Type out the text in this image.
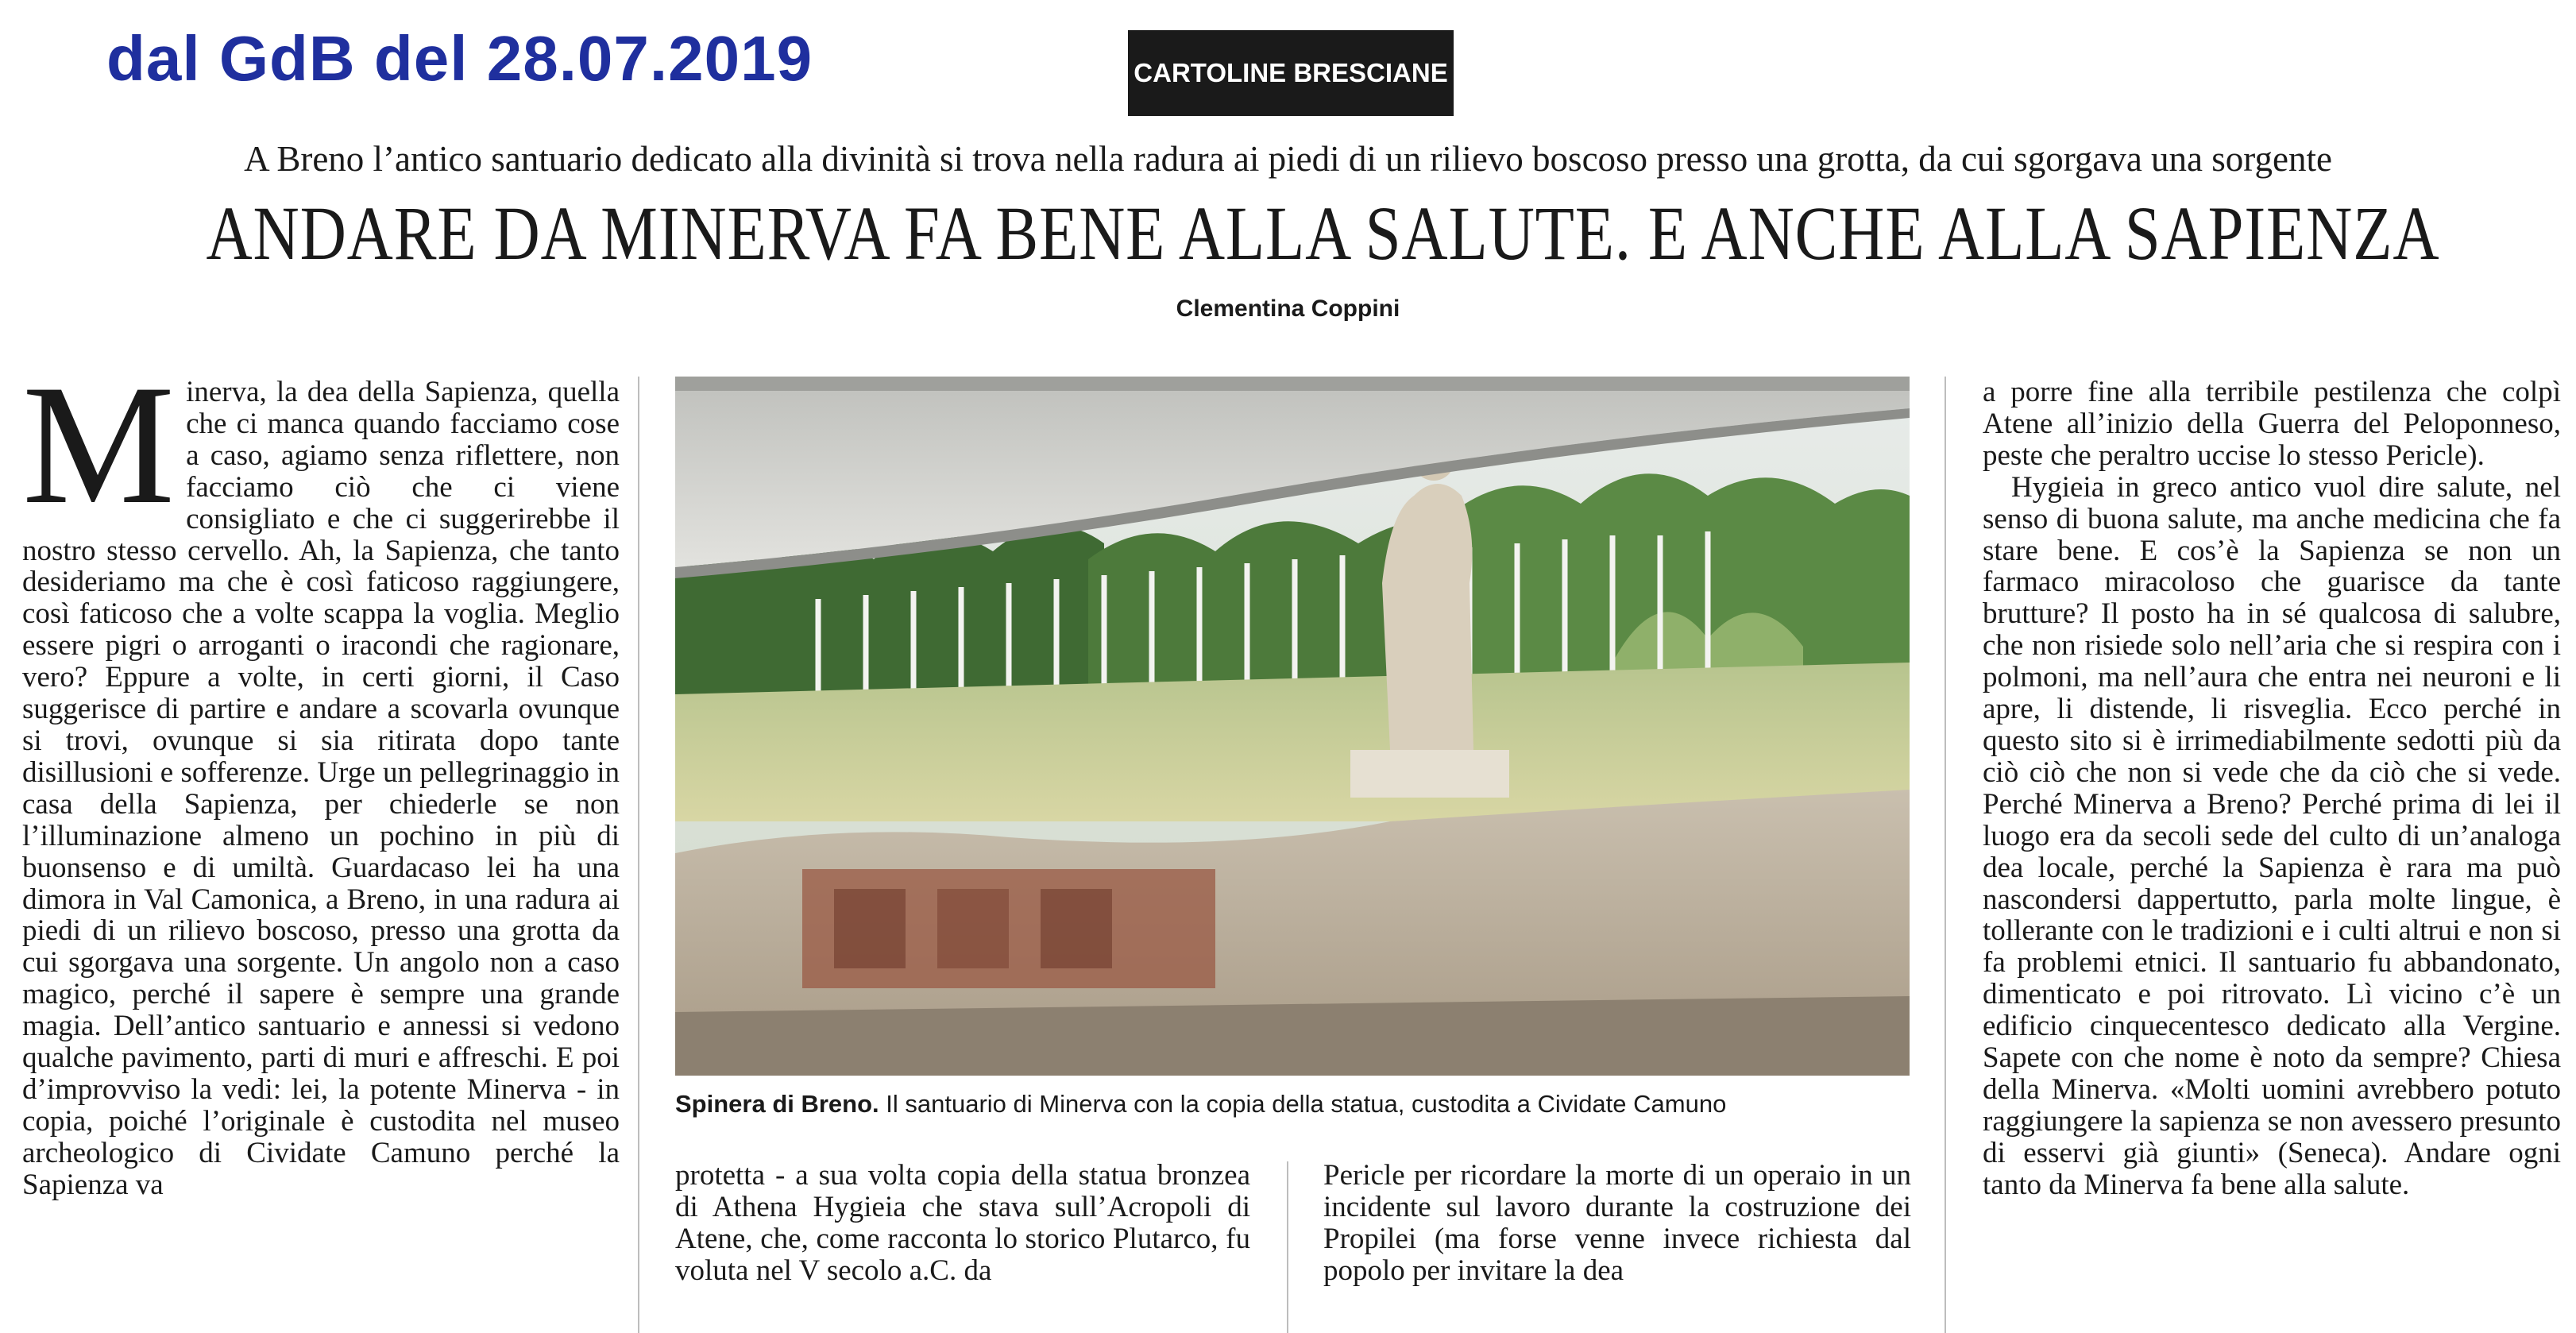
dal GdB del 28.07.2019	CARTOLINE BRESCIANE
A Breno l’antico santuario dedicato alla divinità si trova nella radura ai piedi di un rilievo boscoso presso una grotta, da cui sgorgava una sorgente
ANDARE DA MINERVA FA BENE ALLA SALUTE. E ANCHE ALLA SAPIENZA
Clementina Coppini
M inerva, la dea della Sapienza, quella che ci manca quando facciamo cose a caso, agiamo senza riflettere, non facciamo ciò che ci viene consigliato e che ci suggerirebbe il nostro stesso cervello. Ah, la Sapienza, che tanto desideriamo ma che è così faticoso raggiungere, così faticoso che a volte scappa la voglia. Meglio essere pigri o arroganti o iracondi che ragionare, vero? Eppure a volte, in certi giorni, il Caso suggerisce di partire e andare a scovarla ovunque si trovi, ovunque si sia ritirata dopo tante disillusioni e sofferenze. Urge un pellegrinaggio in casa della Sapienza, per chiederle se non l’illuminazione almeno un pochino in più di buonsenso e di umiltà. Guardacaso lei ha una dimora in Val Camonica, a Breno, in una radura ai piedi di un rilievo boscoso, presso una grotta da cui sgorgava una sorgente. Un angolo non a caso magico, perché il sapere è sempre una grande magia. Dell’antico santuario e annessi si vedono qualche pavimento, parti di muri e affreschi. E poi d’improvviso la vedi: lei, la potente Minerva - in copia, poiché l’originale è custodita nel museo archeologico di Cividate Camuno perché la Sapienza va
Spinera di Breno. Il santuario di Minerva con la copia della statua, custodita a Cividate Camuno
protetta - a sua volta copia della statua bronzea di Athena Hygieia che stava sull’Acropoli di Atene, che, come racconta lo storico Plutarco, fu voluta nel V secolo a.C. da
Pericle per ricordare la morte di un operaio in un incidente sul lavoro durante la costruzione dei Propilei (ma forse venne invece richiesta dal popolo per invitare la dea

a porre fine alla terribile pestilenza che colpì Atene all’inizio della Guerra del Peloponneso, peste che peraltro uccise lo stesso Pericle).

Hygieia in greco antico vuol dire salute, nel senso di buona salute, ma anche medicina che fa stare bene. E cos’è la Sapienza se non un farmaco miracoloso che guarisce da tante brutture? Il posto ha in sé qualcosa di salubre, che non risiede solo nell’aria che si respira con i polmoni, ma nell’aura che entra nei neuroni e li apre, li distende, li risveglia. Ecco perché in questo sito si è irrimediabilmente sedotti più da ciò ciò che non si vede che da ciò che si vede. Perché Minerva a Breno? Perché prima di lei il luogo era da secoli sede del culto di un’analoga dea locale, perché la Sapienza è rara ma può nascondersi dappertutto, parla molte lingue, è tollerante con le tradizioni e i culti altrui e non si fa problemi etnici. Il santuario fu abbandonato, dimenticato e poi ritrovato. Lì vicino c’è un edificio cinquecentesco dedicato alla Vergine. Sapete con che nome è noto da sempre? Chiesa della Minerva. «Molti uomini avrebbero potuto raggiungere la sapienza se non avessero presunto di esservi già giunti» (Seneca). Andare ogni tanto da Minerva fa bene alla salute.
